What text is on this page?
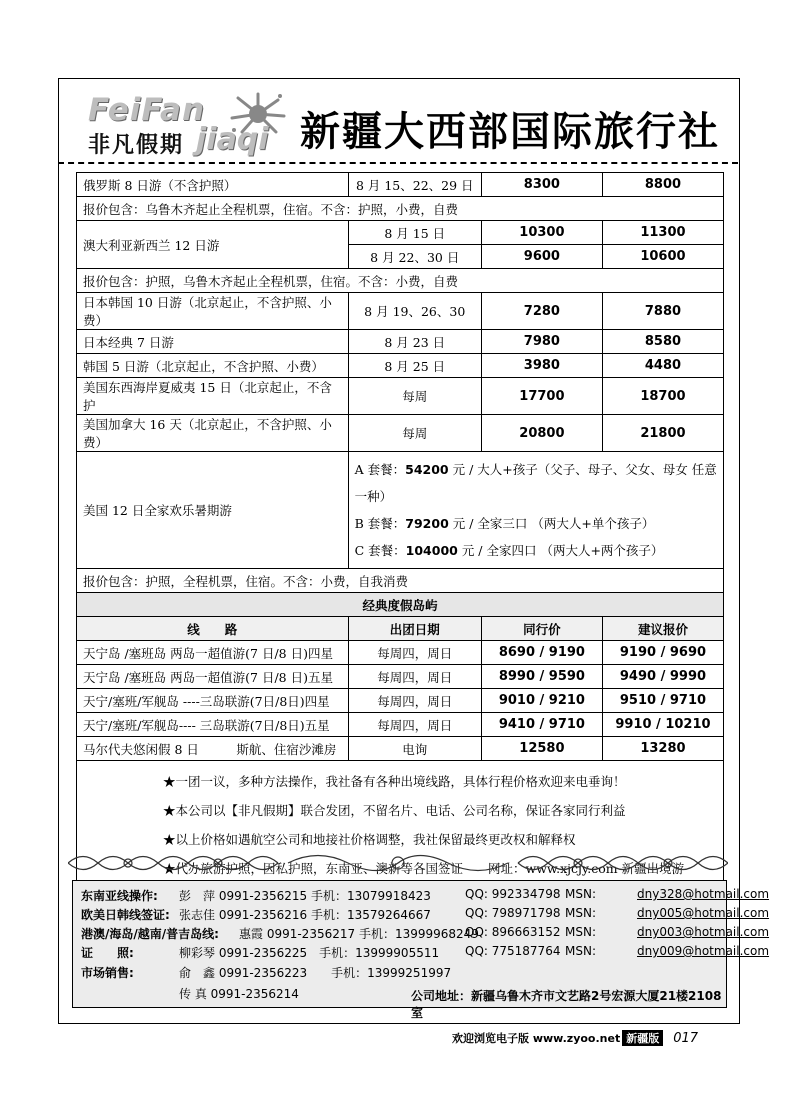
FeiFan
非凡假期 jiaqi 新疆大西部国际旅行社
俄罗斯 8 日游（不含护照）	8 月 15、22、29 日	8300	8800
报价包含：乌鲁木齐起止全程机票，住宿。不含：护照，小费，自费			
澳大利亚新西兰 12 日游	8 月 15 日	10300	11300
	8 月 22、30 日	9600	10600
报价包含：护照，乌鲁木齐起止全程机票，住宿。不含：小费，自费			
日本韩国 10 日游（北京起止，不含护照、小费）	8 月 19、26、30	7280	7880
日本经典 7 日游	8 月 23 日	7980	8580
韩国 5 日游（北京起止，不含护照、小费）	8 月 25 日	3980	4480
美国东西海岸夏威夷 15 日（北京起止，不含护	每周	17700	18700
美国加拿大 16 天（北京起止，不含护照、小费）	每周	20800	21800
美国 12 日全家欢乐暑期游	A 套餐：54200 元 / 大人+孩子（父子、母子、父女、母女 任意一种）
B 套餐：79200 元 / 全家三口 （两大人+单个孩子）
C 套餐：104000 元 / 全家四口 （两大人+两个孩子）		

报价包含：护照，全程机票，住宿。不含：小费，自我消费			
经典度假岛屿			
线　　路	出团日期	同行价	建议报价
天宁岛 /塞班岛 两岛一超值游(7 日/8 日)四星	每周四，周日	8690 / 9190	9190 / 9690
天宁岛 /塞班岛 两岛一超值游(7 日/8 日)五星	每周四，周日	8990 / 9590	9490 / 9990
天宁/塞班/军舰岛 ----三岛联游(7日/8日)四星	每周四，周日	9010 / 9210	9510 / 9710
天宁/塞班/军舰岛---- 三岛联游(7日/8日)五星	每周四，周日	9410 / 9710	9910 / 10210
马尔代夫悠闲假 8 日　　　斯航、住宿沙滩房	电询	12580	13280

★一团一议，多种方法操作，我社备有各种出境线路，具体行程价格欢迎来电垂询！
★本公司以【非凡假期】联合发团，不留名片、电话、公司名称，保证各家同行利益
★以上价格如遇航空公司和地接社价格调整，我社保留最终更改权和解释权
★代办旅游护照，因私护照，东南亚、澳新等各国签证　　网址：www.xjcjy.com 新疆出境游			
东南亚线操作: 彭　萍 0991-2356215 手机：13079918423	QQ: 992334798 MSN:	dny328@hotmail.com
欧美日韩线签证: 张志佳 0991-2356216 手机：13579264667	QQ: 798971798 MSN:	dny005@hotmail.com
港澳/海岛/越南/普吉岛线: 惠霞 0991-2356217 手机：13999968249
QQ: 896663152 MSN:	dny003@hotmail.com
证　　照:	柳彩琴 0991-2356225　手机：13999905511 QQ: 775187764 MSN:	dny009@hotmail.com
市场销售:	俞　鑫 0991-2356223　　手机：13999251997
传 真 0991-2356214	公司地址：新疆乌鲁木齐市文艺路2号宏源大厦21楼2108室
欢迎浏览电子版 www.zyoo.net 新疆版 017
